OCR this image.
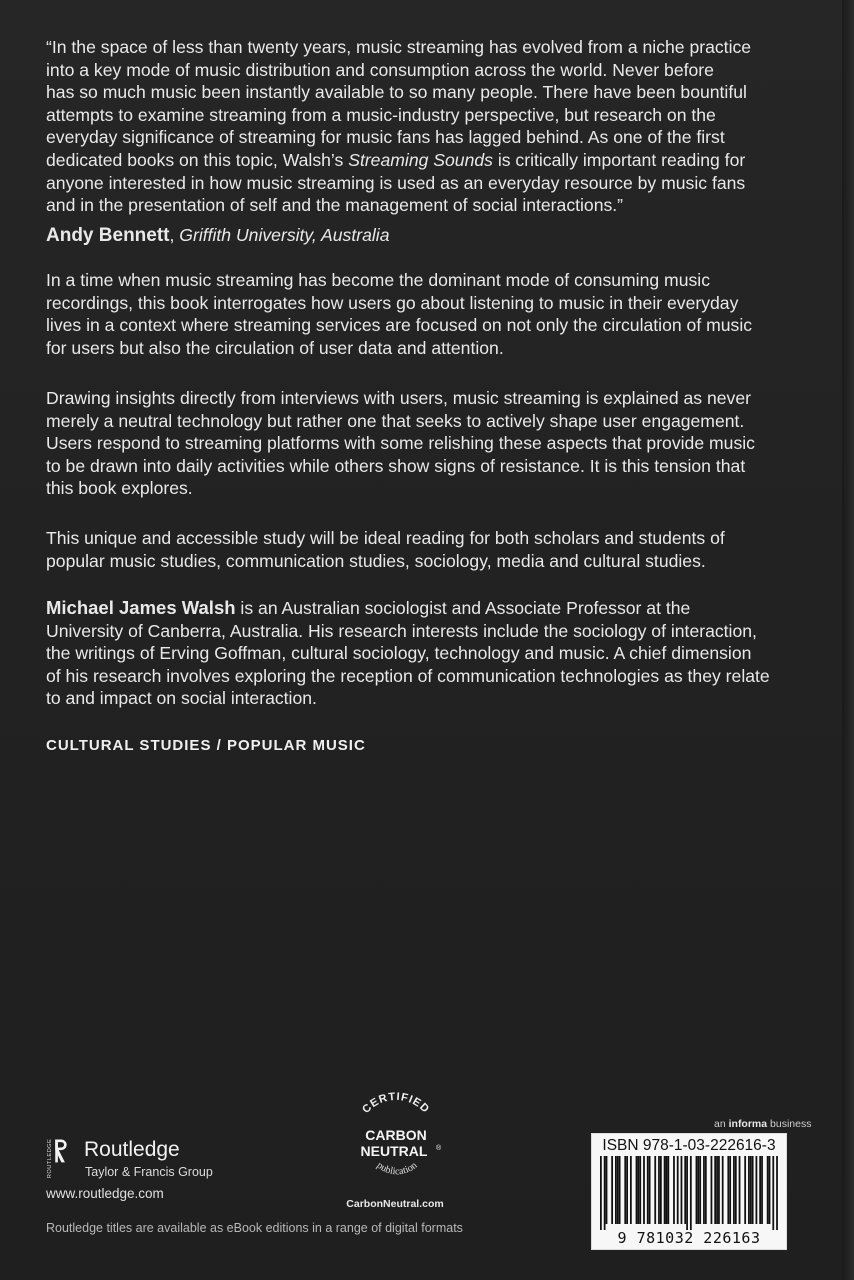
“In the space of less than twenty years, music streaming has evolved from a niche practice
into a key mode of music distribution and consumption across the world. Never before
has so much music been instantly available to so many people. There have been bountiful
attempts to examine streaming from a music-industry perspective, but research on the
everyday significance of streaming for music fans has lagged behind. As one of the first
dedicated books on this topic, Walsh’s Streaming Sounds is critically important reading for
anyone interested in how music streaming is used as an everyday resource by music fans
and in the presentation of self and the management of social interactions.”
Andy Bennett, Griffith University, Australia
In a time when music streaming has become the dominant mode of consuming music
recordings, this book interrogates how users go about listening to music in their everyday
lives in a context where streaming services are focused on not only the circulation of music
for users but also the circulation of user data and attention.
Drawing insights directly from interviews with users, music streaming is explained as never
merely a neutral technology but rather one that seeks to actively shape user engagement.
Users respond to streaming platforms with some relishing these aspects that provide music
to be drawn into daily activities while others show signs of resistance. It is this tension that
this book explores.
This unique and accessible study will be ideal reading for both scholars and students of
popular music studies, communication studies, sociology, media and cultural studies.
Michael James Walsh is an Australian sociologist and Associate Professor at the
University of Canberra, Australia. His research interests include the sociology of interaction,
the writings of Erving Goffman, cultural sociology, technology and music. A chief dimension
of his research involves exploring the reception of communication technologies as they relate
to and impact on social interaction.
CULTURAL STUDIES / POPULAR MUSIC
ROUTLEDGE Routledge
Taylor & Francis Group
www.routledge.com
Routledge titles are available as eBook editions in a range of digital formats
CERTIFIED
CARBON
NEUTRAL ®
publication
CarbonNeutral.com
an informa business
ISBN 978-1-03-222616-3
9 781032 226163
